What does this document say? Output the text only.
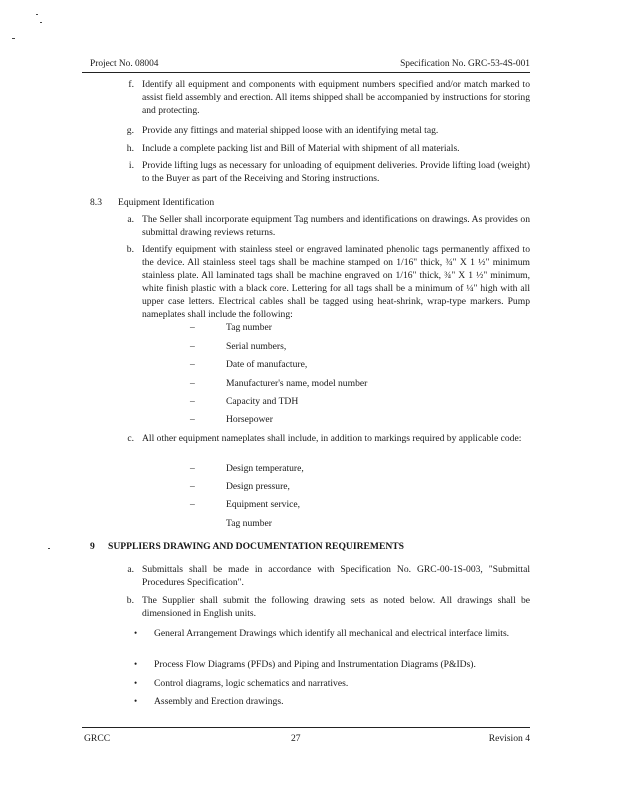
Project No. 08004	Specification No. GRC-53-4S-001
f. Identify all equipment and components with equipment numbers specified and/or match marked to assist field assembly and erection. All items shipped shall be accompanied by instructions for storing and protecting.
g. Provide any fittings and material shipped loose with an identifying metal tag.
h. Include a complete packing list and Bill of Material with shipment of all materials.
i. Provide lifting lugs as necessary for unloading of equipment deliveries. Provide lifting load (weight) to the Buyer as part of the Receiving and Storing instructions.
8.3 Equipment Identification
a. The Seller shall incorporate equipment Tag numbers and identifications on drawings. As provides on submittal drawing reviews returns.
b. Identify equipment with stainless steel or engraved laminated phenolic tags permanently affixed to the device. All stainless steel tags shall be machine stamped on 1/16" thick, ¾" X 1 ½" minimum stainless plate. All laminated tags shall be machine engraved on 1/16" thick, ¾" X 1 ½" minimum, white finish plastic with a black core. Lettering for all tags shall be a minimum of ¼" high with all upper case letters. Electrical cables shall be tagged using heat-shrink, wrap-type markers. Pump nameplates shall include the following:
–	Tag number
–	Serial numbers,
–	Date of manufacture,
–	Manufacturer's name, model number
–	Capacity and TDH
–	Horsepower
c. All other equipment nameplates shall include, in addition to markings required by applicable code:
–	Design temperature,
–	Design pressure,
–	Equipment service,
Tag number
9 SUPPLIERS DRAWING AND DOCUMENTATION REQUIREMENTS
a. Submittals shall be made in accordance with Specification No. GRC-00-1S-003, "Submittal Procedures Specification".
b. The Supplier shall submit the following drawing sets as noted below. All drawings shall be dimensioned in English units.
• General Arrangement Drawings which identify all mechanical and electrical interface limits.
• Process Flow Diagrams (PFDs) and Piping and Instrumentation Diagrams (P&IDs).
• Control diagrams, logic schematics and narratives.
• Assembly and Erection drawings.
GRCC	27	Revision 4
